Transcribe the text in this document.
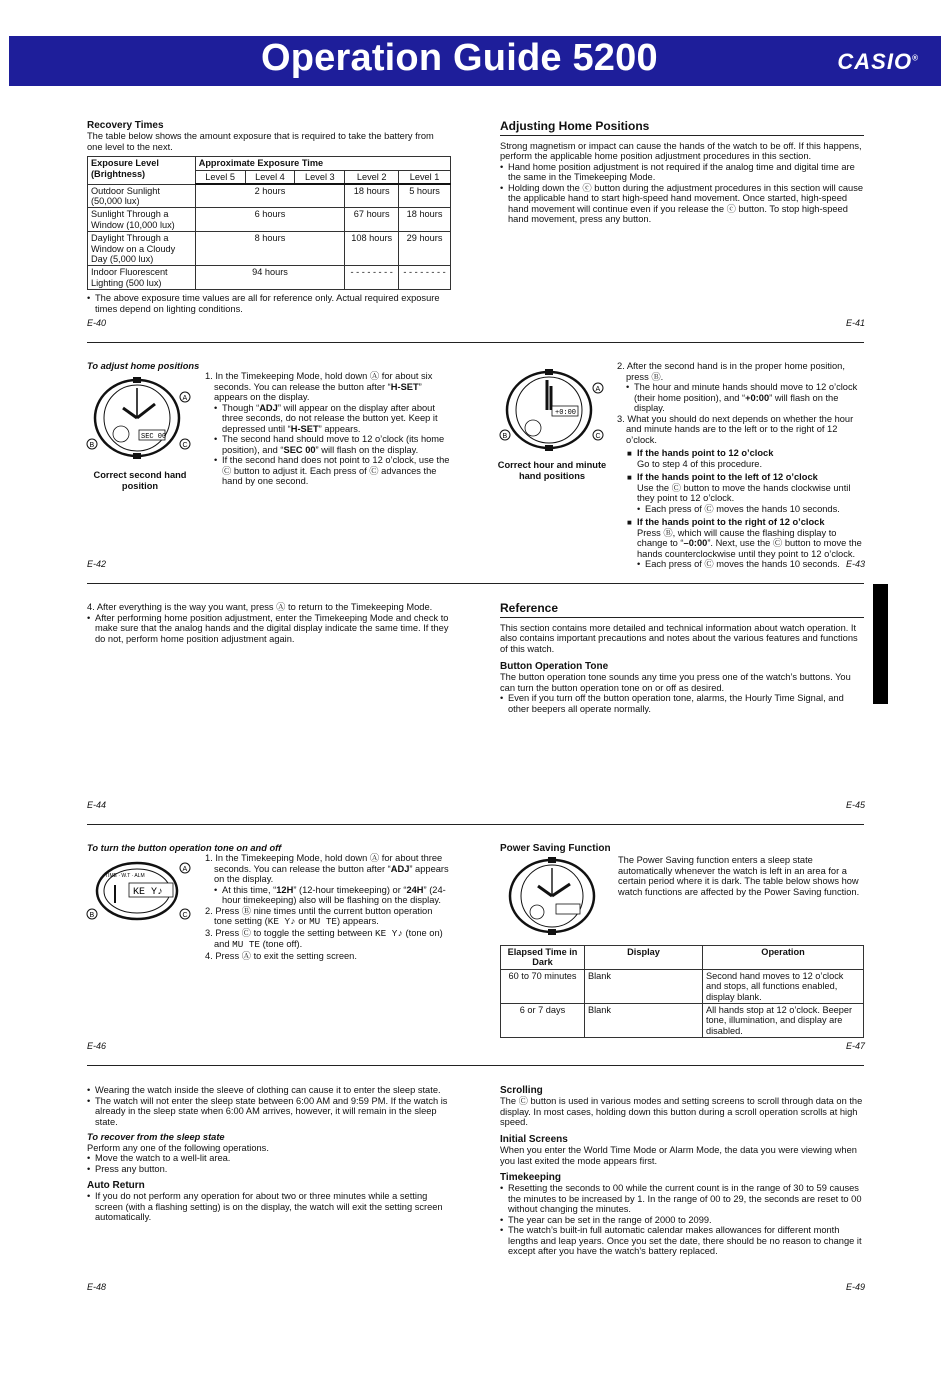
Operation Guide 5200	CASIO®
Recovery Times

The table below shows the amount exposure that is required to take the battery from one level to the next.

Exposure Level (Brightness)	Approximate Exposure Time				
	Level 5	Level 4	Level 3	Level 2	Level 1
Outdoor Sunlight (50,000 lux)	2 hours			18 hours	5 hours
Sunlight Through a Window (10,000 lux)	6 hours			67 hours	18 hours
Daylight Through a Window on a Cloudy Day (5,000 lux)	8 hours			108 hours	29 hours
Indoor Fluorescent Lighting (500 lux)	94 hours			- - - - - - - -	- - - - - - - -
• The above exposure time values are all for reference only. Actual required exposure times depend on lighting conditions.
E-40
Adjusting Home Positions

Strong magnetism or impact can cause the hands of the watch to be off. If this happens, perform the applicable home position adjustment procedures in this section.

• Hand home position adjustment is not required if the analog time and digital time are the same in the Timekeeping Mode.
• Holding down the ⓒ button during the adjustment procedures in this section will cause the applicable hand to start high-speed hand movement. Once started, high-speed hand movement will continue even if you release the ⓒ button. To stop high-speed hand movement, press any button.
E-41
To adjust home positions
SEC 00
A
B	C
Correct second hand position

1. In the Timekeeping Mode, hold down Ⓐ for about six seconds. You can release the button after “H-SET” appears on the display.

• Though “ADJ” will appear on the display after about three seconds, do not release the button yet. Keep it depressed until “H-SET” appears.
• The second hand should move to 12 o’clock (its home position), and “SEC 00” will flash on the display.
• If the second hand does not point to 12 o’clock, use the Ⓒ button to adjust it. Each press of Ⓒ advances the hand by one second.
E-42
+0:00
A
B	C
Correct hour and minute hand positions

2. After the second hand is in the proper home position, press Ⓑ.

• The hour and minute hands should move to 12 o’clock (their home position), and “+0:00” will flash on the display.

3. What you should do next depends on whether the hour and minute hands are to the left or to the right of 12 o’clock.

■ If the hands point to 12 o’clock

Go to step 4 of this procedure.

■ If the hands point to the left of 12 o’clock

Use the Ⓒ button to move the hands clockwise until they point to 12 o’clock.

• Each press of Ⓒ moves the hands 10 seconds.

■ If the hands point to the right of 12 o’clock

Press Ⓑ, which will cause the flashing display to change to “–0:00”. Next, use the Ⓒ button to move the hands counterclockwise until they point to 12 o’clock.

• Each press of Ⓒ moves the hands 10 seconds. E-43

4. After everything is the way you want, press Ⓐ to return to the Timekeeping Mode.

• After performing home position adjustment, enter the Timekeeping Mode and check to make sure that the analog hands and the digital display indicate the same time. If they do not, perform home position adjustment again.
E-44
Reference

This section contains more detailed and technical information about watch operation. It also contains important precautions and notes about the various features and functions of this watch.

Button Operation Tone

The button operation tone sounds any time you press one of the watch’s buttons. You can turn the button operation tone on or off as desired.

• Even if you turn off the button operation tone, alarms, the Hourly Time Signal, and other beepers all operate normally.
E-45
To turn the button operation tone on and off
TIME · W.T · ALM
KE Y♪
A
B	C

1. In the Timekeeping Mode, hold down Ⓐ for about three seconds. You can release the button after “ADJ” appears on the display.

• At this time, “12H” (12-hour timekeeping) or “24H” (24-hour timekeeping) also will be flashing on the display.

2. Press Ⓑ nine times until the current button operation tone setting (KE Y♪ or MU TE) appears.

3. Press Ⓒ to toggle the setting between KE Y♪ (tone on) and MU TE (tone off).

4. Press Ⓐ to exit the setting screen.

E-46
Power Saving Function
The Power Saving function enters a sleep state automatically whenever the watch is left in an area for a certain period where it is dark. The table below shows how watch functions are affected by the Power Saving function.
Elapsed Time in Dark	Display	Operation
60 to 70 minutes	Blank	Second hand moves to 12 o’clock and stops, all functions enabled, display blank.
6 or 7 days	Blank	All hands stop at 12 o’clock. Beeper tone, illumination, and display are disabled.
E-47
• Wearing the watch inside the sleeve of clothing can cause it to enter the sleep state.
• The watch will not enter the sleep state between 6:00 AM and 9:59 PM. If the watch is already in the sleep state when 6:00 AM arrives, however, it will remain in the sleep state.

To recover from the sleep state

Perform any one of the following operations.

• Move the watch to a well-lit area.
• Press any button.
Auto Return
• If you do not perform any operation for about two or three minutes while a setting screen (with a flashing setting) is on the display, the watch will exit the setting screen automatically.
E-48
Scrolling

The Ⓒ button is used in various modes and setting screens to scroll through data on the display. In most cases, holding down this button during a scroll operation scrolls at high speed.

Initial Screens

When you enter the World Time Mode or Alarm Mode, the data you were viewing when you last exited the mode appears first.

Timekeeping
• Resetting the seconds to 00 while the current count is in the range of 30 to 59 causes the minutes to be increased by 1. In the range of 00 to 29, the seconds are reset to 00 without changing the minutes.
• The year can be set in the range of 2000 to 2099.
• The watch’s built-in full automatic calendar makes allowances for different month lengths and leap years. Once you set the date, there should be no reason to change it except after you have the watch’s battery replaced.
E-49
